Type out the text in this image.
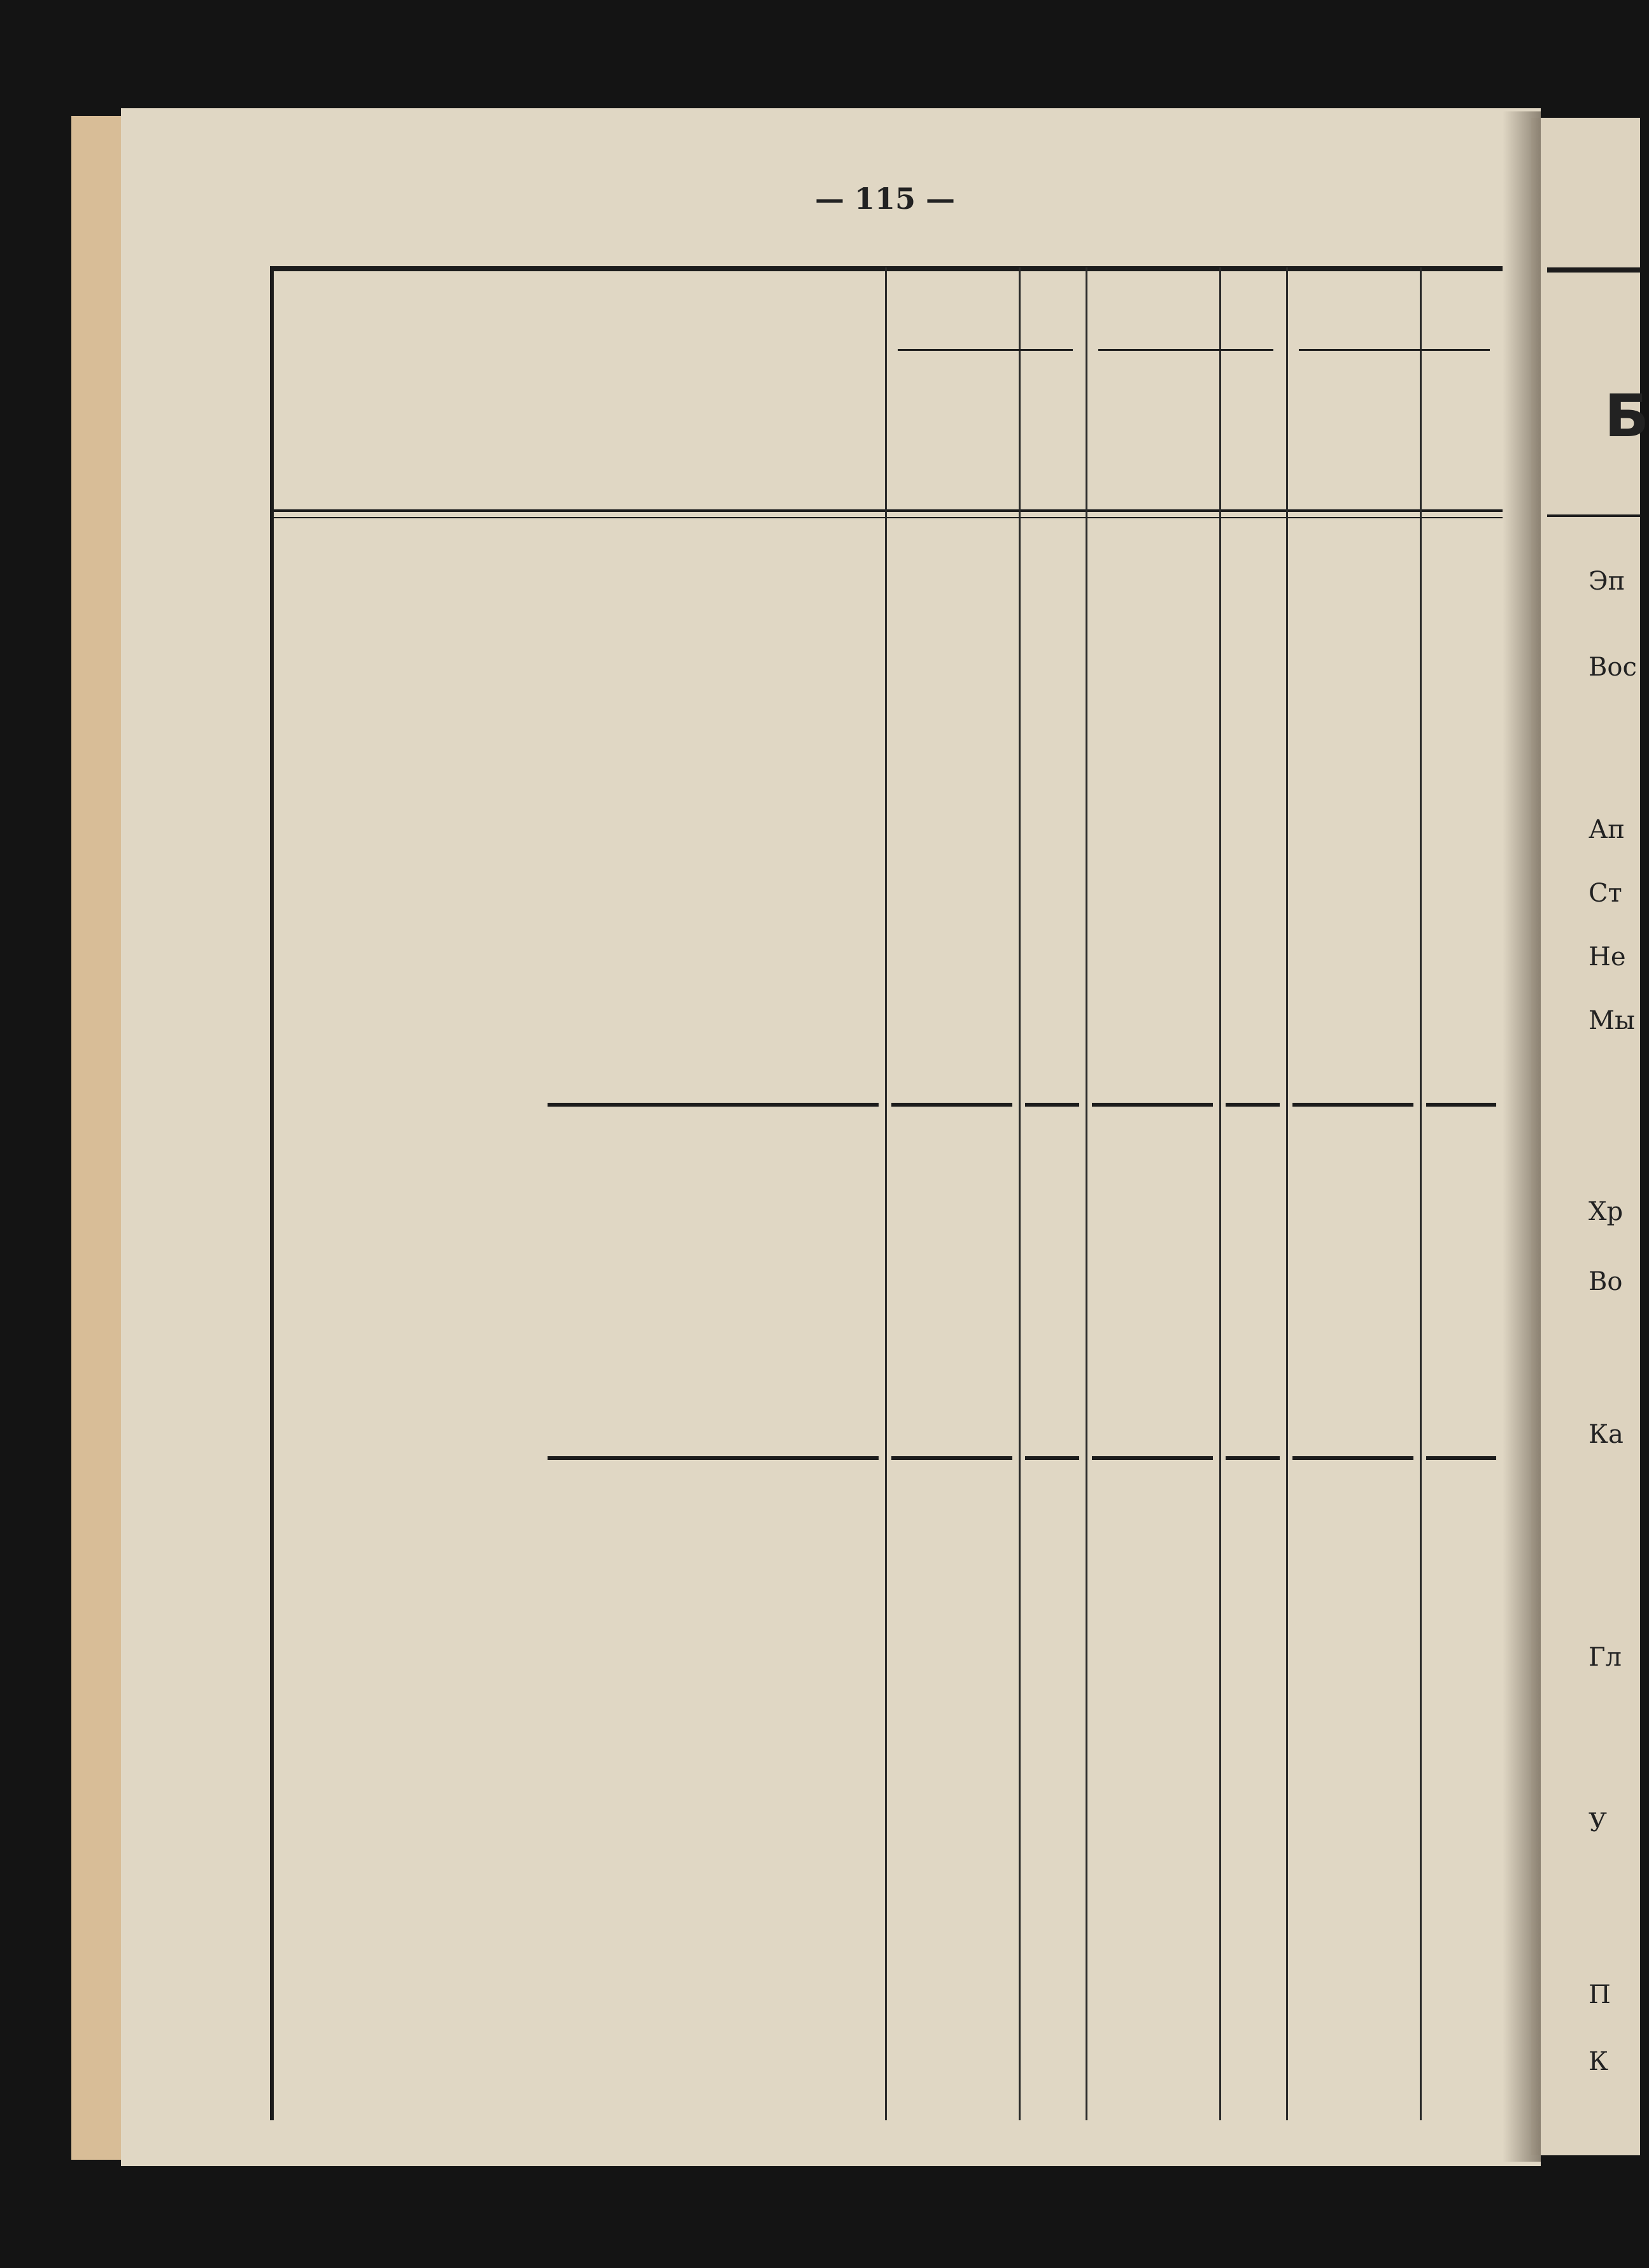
— 115 —
Эп
Вос
Ап
Ст
Не
Мы
Хр
Во
Ка
Гл
У
П
К
Б
